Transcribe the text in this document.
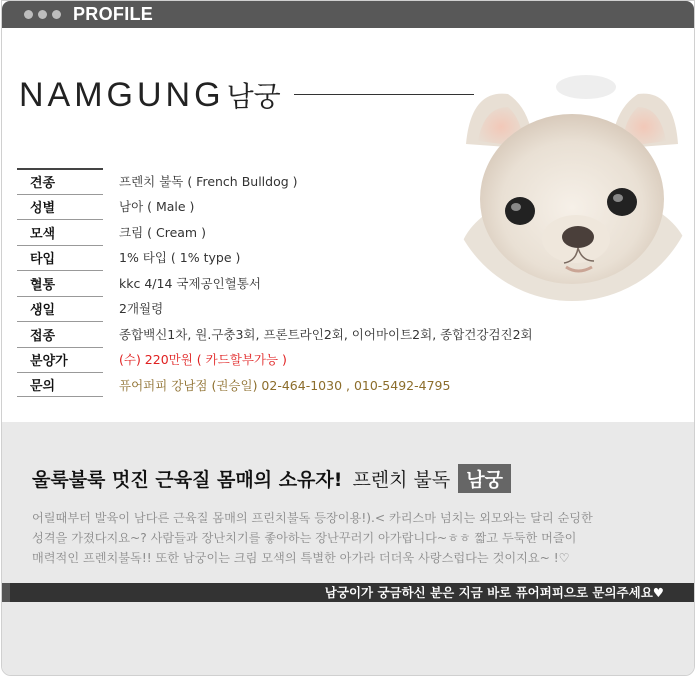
PROFILE
NAMGUNG 남궁
견종	프렌치 불독 ( French Bulldog )
성별	남아 ( Male )
모색	크림 ( Cream )
타입	1% 타입 ( 1% type )
혈통	kkc 4/14 국제공인혈통서
생일	2개월령
접종	종합백신1차, 원.구충3회, 프론트라인2회, 이어마이트2회, 종합건강검진2회
분양가	(수) 220만원 ( 카드할부가능 )
문의	퓨어퍼피 강남점 (권승일) 02-464-1030 , 010-5492-4795
울룩불룩 멋진 근육질 몸매의 소유자! 프렌치 불독 남궁
어릴때부터 발육이 남다른 근육질 몸매의 프린치불독 등장이용!).< 카리스마 넘치는 외모와는 달리 순딩한
성격을 가졌다지요~? 사람들과 장난치기를 좋아하는 장난꾸러기 아가랍니다~ㅎㅎ 짧고 두둑한 머즐이
매력적인 프렌치불독!! 또한 남궁이는 크림 모색의 특별한 아가라 더더욱 사랑스럽다는 것이지요~ !♡
남궁이가 궁금하신 분은 지금 바로 퓨어퍼피으로 문의주세요♥
